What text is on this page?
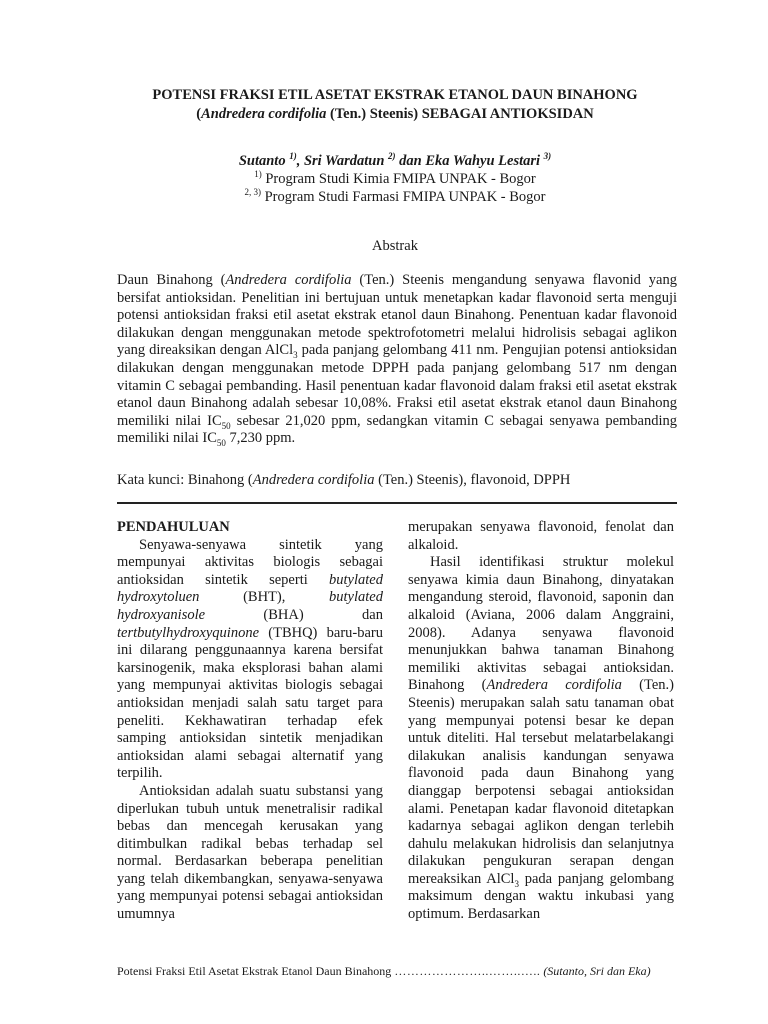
POTENSI FRAKSI ETIL ASETAT EKSTRAK ETANOL DAUN BINAHONG
(Andredera cordifolia (Ten.) Steenis) SEBAGAI ANTIOKSIDAN
Sutanto $^{1)}$, Sri Wardatun $^{2)}$ dan Eka Wahyu Lestari $^{3)}$
$^{1)}$ Program Studi Kimia FMIPA UNPAK - Bogor
$^{2, 3)}$ Program Studi Farmasi FMIPA UNPAK - Bogor
Abstrak

Daun Binahong (Andredera cordifolia (Ten.) Steenis mengandung senyawa flavonid yang bersifat antioksidan. Penelitian ini bertujuan untuk menetapkan kadar flavonoid serta menguji potensi antioksidan fraksi etil asetat ekstrak etanol daun Binahong. Penentuan kadar flavonoid dilakukan dengan menggunakan metode spektrofotometri melalui hidrolisis sebagai aglikon yang direaksikan dengan AlCl$_3$ pada panjang gelombang 411 nm. Pengujian potensi antioksidan dilakukan dengan menggunakan metode DPPH pada panjang gelombang 517 nm dengan vitamin C sebagai pembanding. Hasil penentuan kadar flavonoid dalam fraksi etil asetat ekstrak etanol daun Binahong adalah sebesar 10,08%. Fraksi etil asetat ekstrak etanol daun Binahong memiliki nilai $IC_{50}$ sebesar 21,020 ppm, sedangkan vitamin C sebagai senyawa pembanding memiliki nilai $IC_{50}$ 7,230 ppm.

Kata kunci: Binahong (Andredera cordifolia (Ten.) Steenis), flavonoid, DPPH

PENDAHULUAN

Senyawa-senyawa sintetik yang mempunyai aktivitas biologis sebagai antioksidan sintetik seperti butylated hydroxytoluen (BHT), butylated hydroxyanisole (BHA) dan tertbutylhydroxyquinone (TBHQ) baru-baru ini dilarang penggunaannya karena bersifat karsinogenik, maka eksplorasi bahan alami yang mempunyai aktivitas biologis sebagai antioksidan menjadi salah satu target para peneliti. Kekhawatiran terhadap efek samping antioksidan sintetik menjadikan antioksidan alami sebagai alternatif yang terpilih.

Antioksidan adalah suatu substansi yang diperlukan tubuh untuk menetralisir radikal bebas dan mencegah kerusakan yang ditimbulkan radikal bebas terhadap sel normal. Berdasarkan beberapa penelitian yang telah dikembangkan, senyawa-senyawa yang mempunyai potensi sebagai antioksidan umumnya

merupakan senyawa flavonoid, fenolat dan alkaloid.

Hasil identifikasi struktur molekul senyawa kimia daun Binahong, dinyatakan mengandung steroid, flavonoid, saponin dan alkaloid (Aviana, 2006 dalam Anggraini, 2008). Adanya senyawa flavonoid menunjukkan bahwa tanaman Binahong memiliki aktivitas sebagai antioksidan. Binahong (Andredera cordifolia (Ten.) Steenis) merupakan salah satu tanaman obat yang mempunyai potensi besar ke depan untuk diteliti. Hal tersebut melatarbelakangi dilakukan analisis kandungan senyawa flavonoid pada daun Binahong yang dianggap berpotensi sebagai antioksidan alami. Penetapan kadar flavonoid ditetapkan kadarnya sebagai aglikon dengan terlebih dahulu melakukan hidrolisis dan selanjutnya dilakukan pengukuran serapan dengan mereaksikan AlCl$_3$ pada panjang gelombang maksimum dengan waktu inkubasi yang optimum. Berdasarkan

Potensi Fraksi Etil Asetat Ekstrak Etanol Daun Binahong …………………..……..….. (Sutanto, Sri dan Eka)
